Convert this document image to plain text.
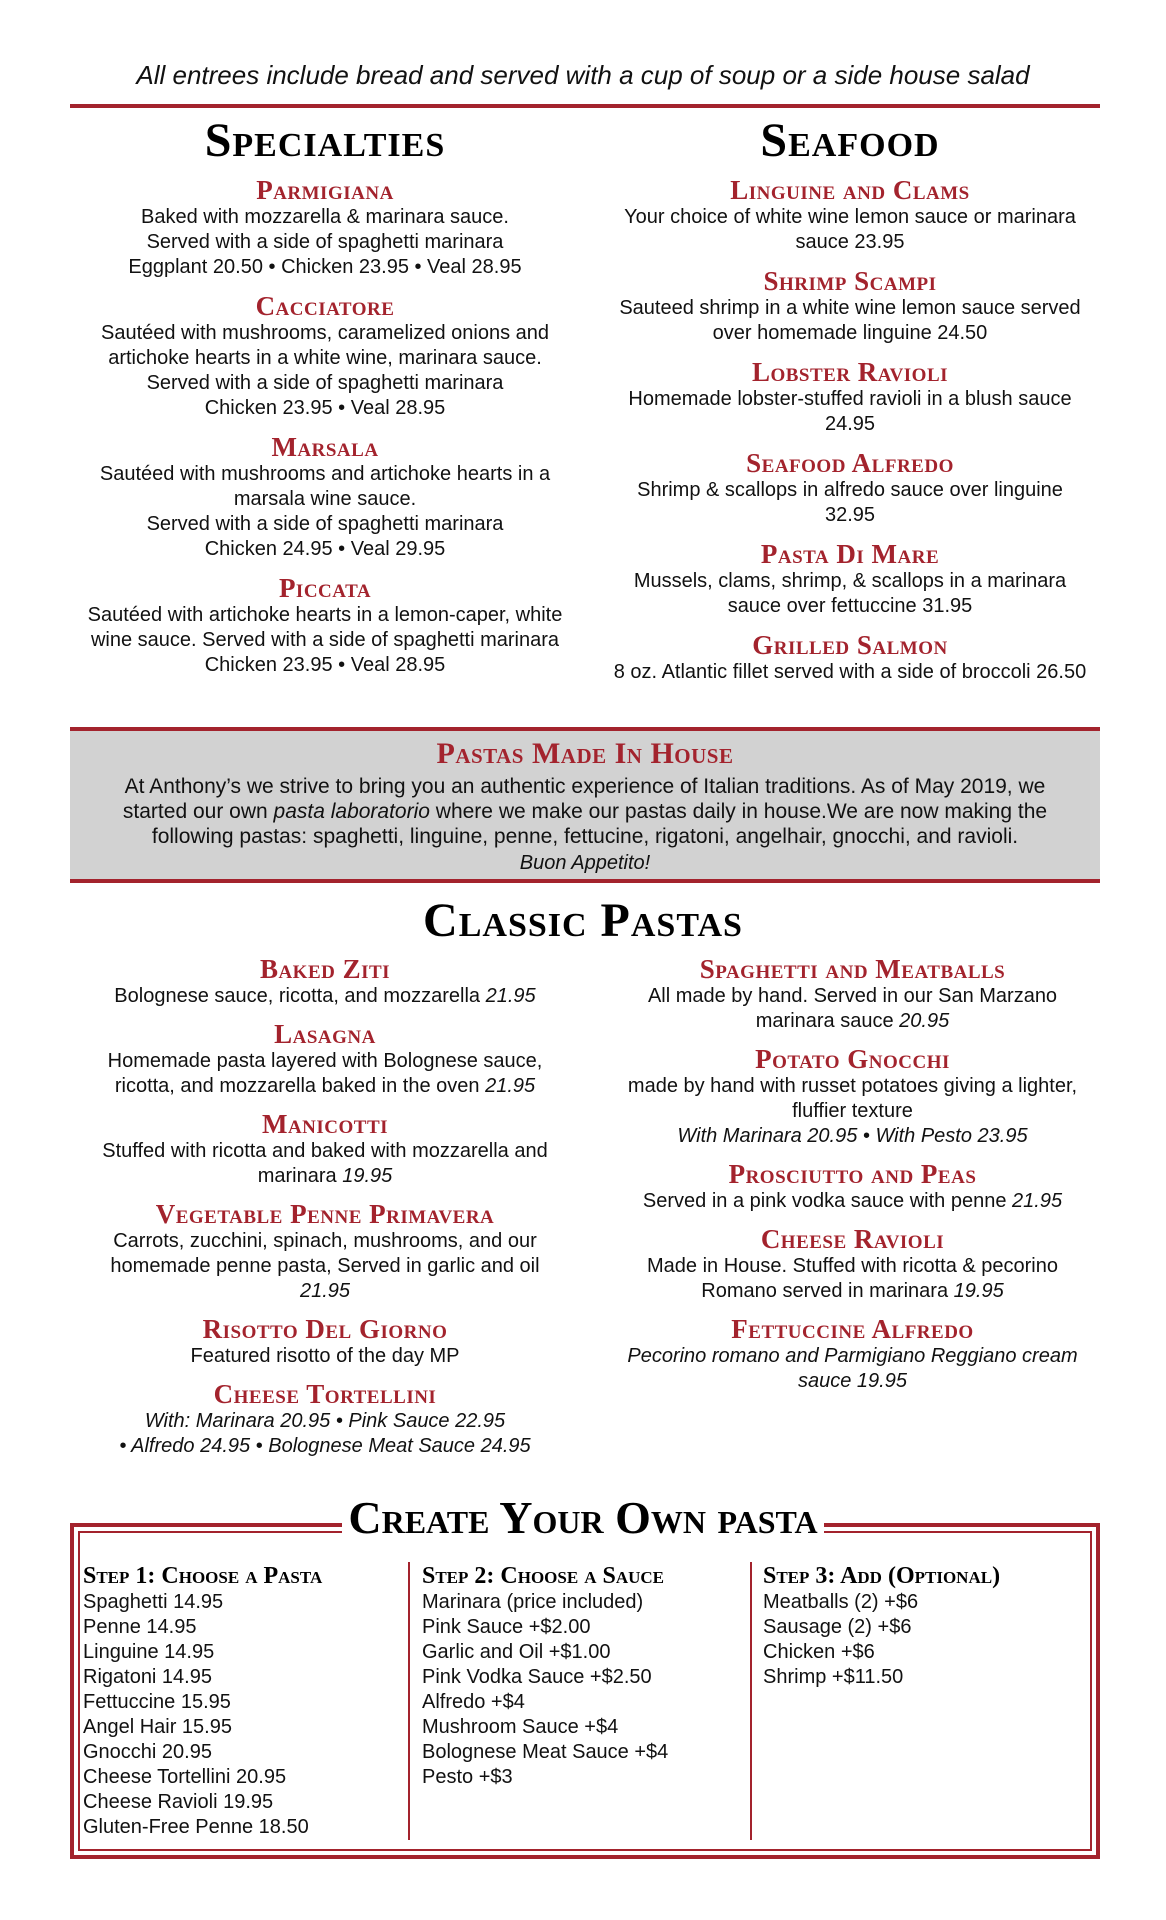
All entrees include bread and served with a cup of soup or a side house salad
Specialties
Parmigiana
Baked with mozzarella & marinara sauce.
Served with a side of spaghetti marinara
Eggplant 20.50 • Chicken 23.95 • Veal 28.95
Cacciatore
Sautéed with mushrooms, caramelized onions and
artichoke hearts in a white wine, marinara sauce.
Served with a side of spaghetti marinara
Chicken 23.95 • Veal 28.95
Marsala
Sautéed with mushrooms and artichoke hearts in a
marsala wine sauce.
Served with a side of spaghetti marinara
Chicken 24.95 • Veal 29.95
Piccata
Sautéed with artichoke hearts in a lemon-caper, white
wine sauce. Served with a side of spaghetti marinara
Chicken 23.95 • Veal 28.95
Seafood
Linguine and Clams
Your choice of white wine lemon sauce or marinara
sauce 23.95
Shrimp Scampi
Sauteed shrimp in a white wine lemon sauce served
over homemade linguine 24.50
Lobster Ravioli
Homemade lobster-stuffed ravioli in a blush sauce
24.95
Seafood Alfredo
Shrimp & scallops in alfredo sauce over linguine
32.95
Pasta Di Mare
Mussels, clams, shrimp, & scallops in a marinara
sauce over fettuccine 31.95
Grilled Salmon
8 oz. Atlantic fillet served with a side of broccoli 26.50
Pastas Made In House
At Anthony’s we strive to bring you an authentic experience of Italian traditions. As of May 2019, we
started our own pasta laboratorio where we make our pastas daily in house.We are now making the
following pastas: spaghetti, linguine, penne, fettucine, rigatoni, angelhair, gnocchi, and ravioli.
Buon Appetito!
Classic Pastas
Baked Ziti
Bolognese sauce, ricotta, and mozzarella 21.95
Lasagna
Homemade pasta layered with Bolognese sauce,
ricotta, and mozzarella baked in the oven 21.95
Manicotti
Stuffed with ricotta and baked with mozzarella and
marinara 19.95
Vegetable Penne Primavera
Carrots, zucchini, spinach, mushrooms, and our
homemade penne pasta, Served in garlic and oil
21.95
Risotto Del Giorno
Featured risotto of the day MP
Cheese Tortellini
With: Marinara 20.95 • Pink Sauce 22.95
• Alfredo 24.95 • Bolognese Meat Sauce 24.95
Spaghetti and Meatballs
All made by hand. Served in our San Marzano
marinara sauce 20.95
Potato Gnocchi
made by hand with russet potatoes giving a lighter,
fluffier texture
With Marinara 20.95 • With Pesto 23.95
Prosciutto and Peas
Served in a pink vodka sauce with penne 21.95
Cheese Ravioli
Made in House. Stuffed with ricotta & pecorino
Romano served in marinara 19.95
Fettuccine Alfredo
Pecorino romano and Parmigiano Reggiano cream
sauce 19.95
Create Your Own pasta
Step 1: Choose a Pasta
Spaghetti 14.95
Penne 14.95
Linguine 14.95
Rigatoni 14.95
Fettuccine 15.95
Angel Hair 15.95
Gnocchi 20.95
Cheese Tortellini 20.95
Cheese Ravioli 19.95
Gluten-Free Penne 18.50
Step 2: Choose a Sauce
Marinara (price included)
Pink Sauce +$2.00
Garlic and Oil +$1.00
Pink Vodka Sauce +$2.50
Alfredo +$4
Mushroom Sauce +$4
Bolognese Meat Sauce +$4
Pesto +$3
Step 3: Add (Optional)
Meatballs (2) +$6
Sausage (2) +$6
Chicken +$6
Shrimp +$11.50
